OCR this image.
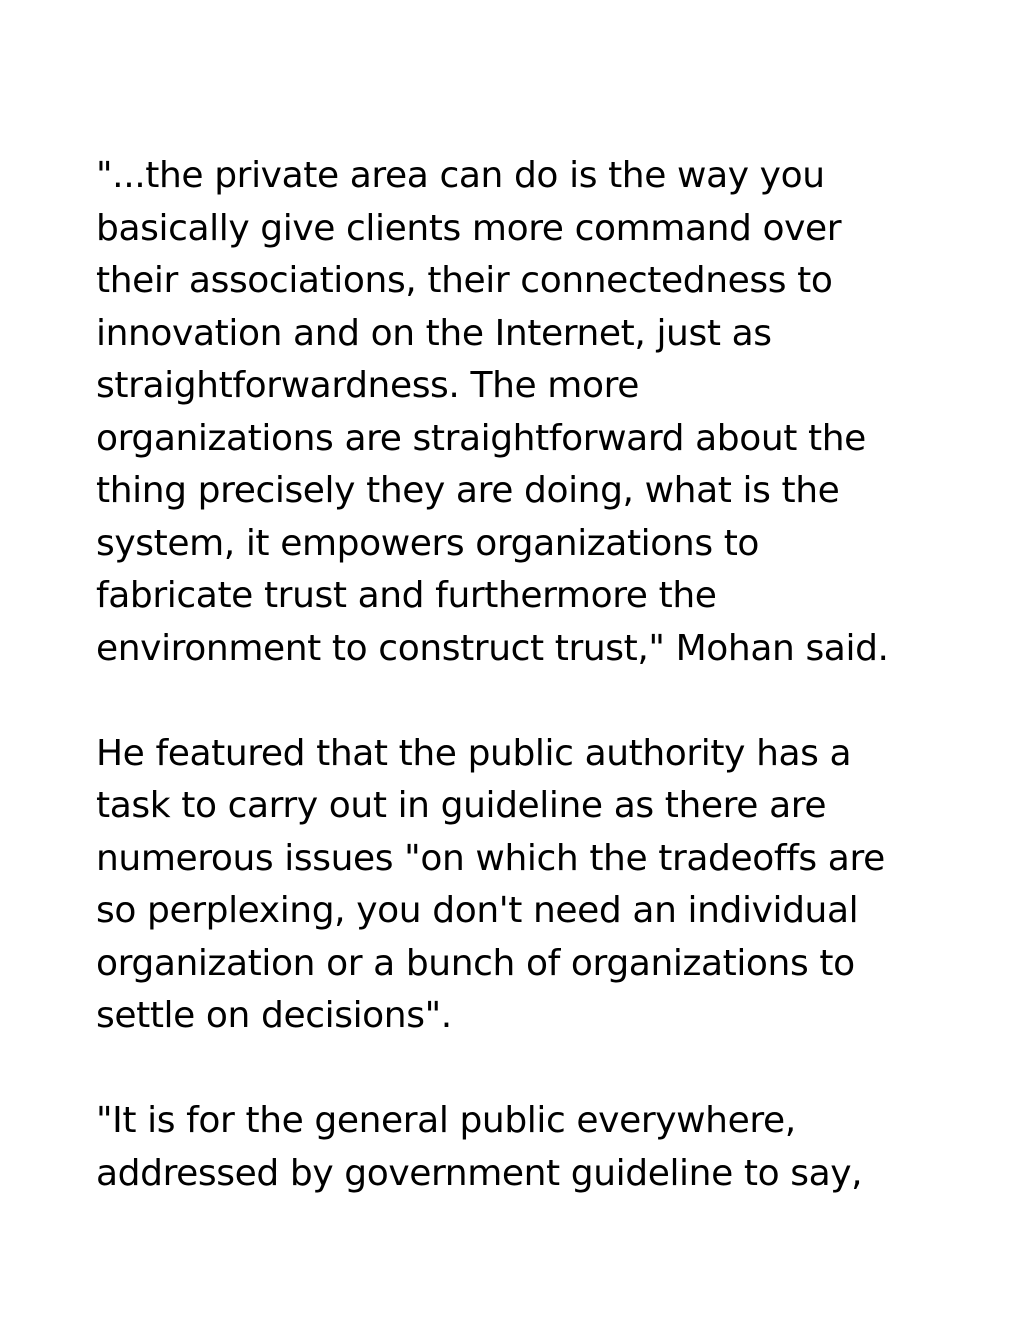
"...the private area can do is the way you
basically give clients more command over
their associations, their connectedness to
innovation and on the Internet, just as
straightforwardness. The more
organizations are straightforward about the
thing precisely they are doing, what is the
system, it empowers organizations to
fabricate trust and furthermore the
environment to construct trust," Mohan said.

He featured that the public authority has a
task to carry out in guideline as there are
numerous issues "on which the tradeoffs are
so perplexing, you don't need an individual
organization or a bunch of organizations to
settle on decisions".

"It is for the general public everywhere,
addressed by government guideline to say,
